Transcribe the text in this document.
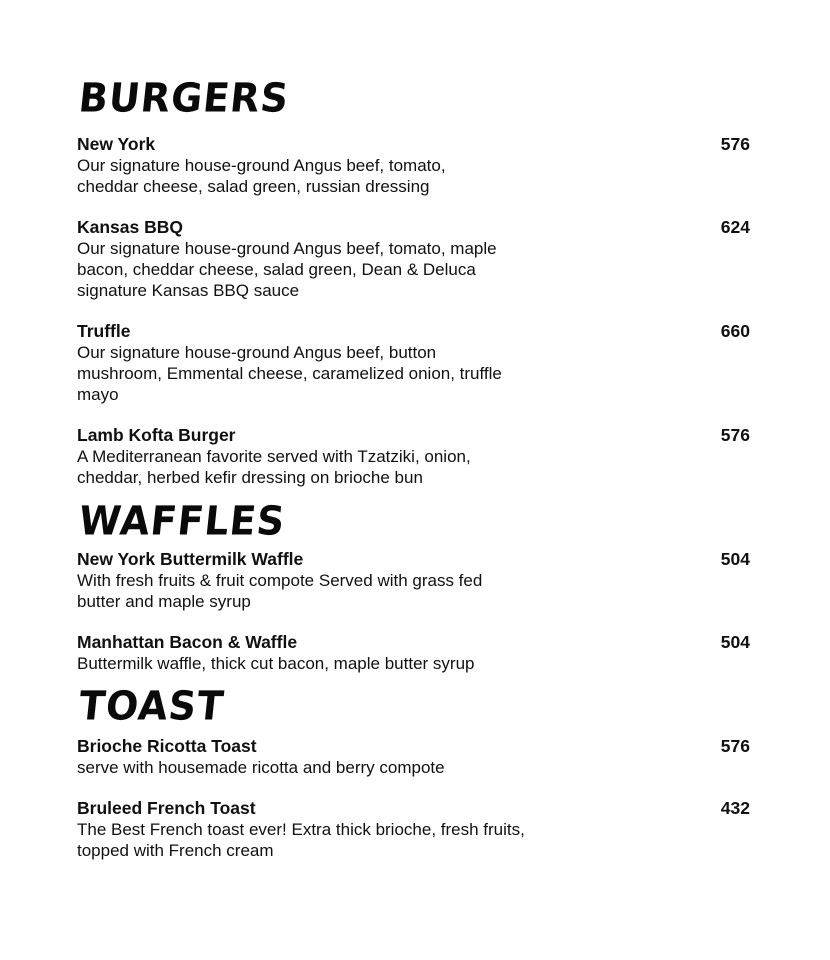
BURGERS
New York	576
Our signature house-ground Angus beef, tomato, cheddar cheese, salad green, russian dressing
Kansas BBQ	624
Our signature house-ground Angus beef, tomato, maple bacon, cheddar cheese, salad green, Dean & Deluca signature Kansas BBQ sauce
Truffle	660
Our signature house-ground Angus beef, button mushroom, Emmental cheese, caramelized onion, truffle mayo
Lamb Kofta Burger	576
A Mediterranean favorite served with Tzatziki, onion, cheddar, herbed kefir dressing on brioche bun
WAFFLES
New York Buttermilk Waffle	504
With fresh fruits & fruit compote Served with grass fed butter and maple syrup
Manhattan Bacon & Waffle	504
Buttermilk waffle, thick cut bacon, maple butter syrup
TOAST
Brioche Ricotta Toast	576
serve with housemade ricotta and berry compote
Bruleed French Toast	432
The Best French toast ever! Extra thick brioche, fresh fruits, topped with French cream
